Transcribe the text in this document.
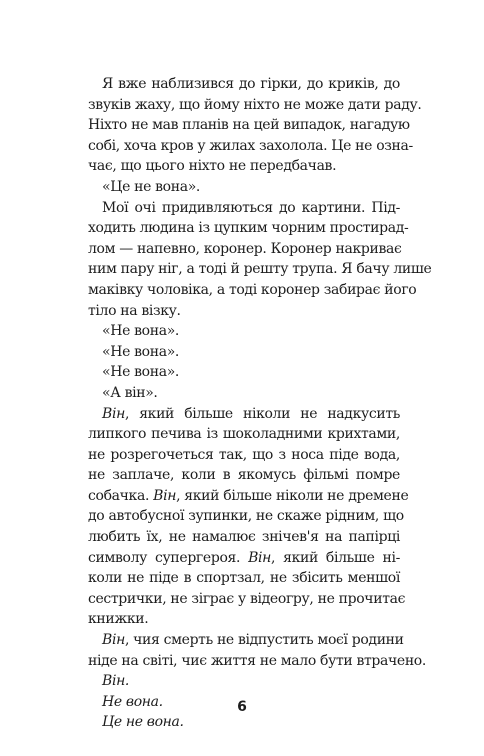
Я вже наблизився до гірки, до криків, до
звуків жаху, що йому ніхто не може дати раду.
Ніхто не мав планів на цей випадок, нагадую
собі, хоча кров у жилах захолола. Це не озна-
чає, що цього ніхто не передбачав.
«Це не вона».
Мої очі придивляються до картини. Під-
ходить людина із цупким чорним простирад-
лом — напевно, коронер. Коронер накриває
ним пару ніг, а тоді й решту трупа. Я бачу лише
маківку чоловіка, а тоді коронер забирає його
тіло на візку.
«Не вона».
«Не вона».
«Не вона».
«А він».
Він, який більше ніколи не надкусить
липкого печива із шоколадними крихтами,
не розрегочеться так, що з носа піде вода,
не заплаче, коли в якомусь фільмі помре
собачка. Він, який більше ніколи не дремене
до автобусної зупинки, не скаже рідним, що
любить їх, не намалює знічев'я на папірці
символу супергероя. Він, який більше ні-
коли не піде в спортзал, не збісить меншої
сестрички, не зіграє у відеогру, не прочитає
книжки.
Він, чия смерть не відпустить моєї родини
ніде на світі, чиє життя не мало бути втрачено.
Він.
Не вона.
Це не вона.
6
